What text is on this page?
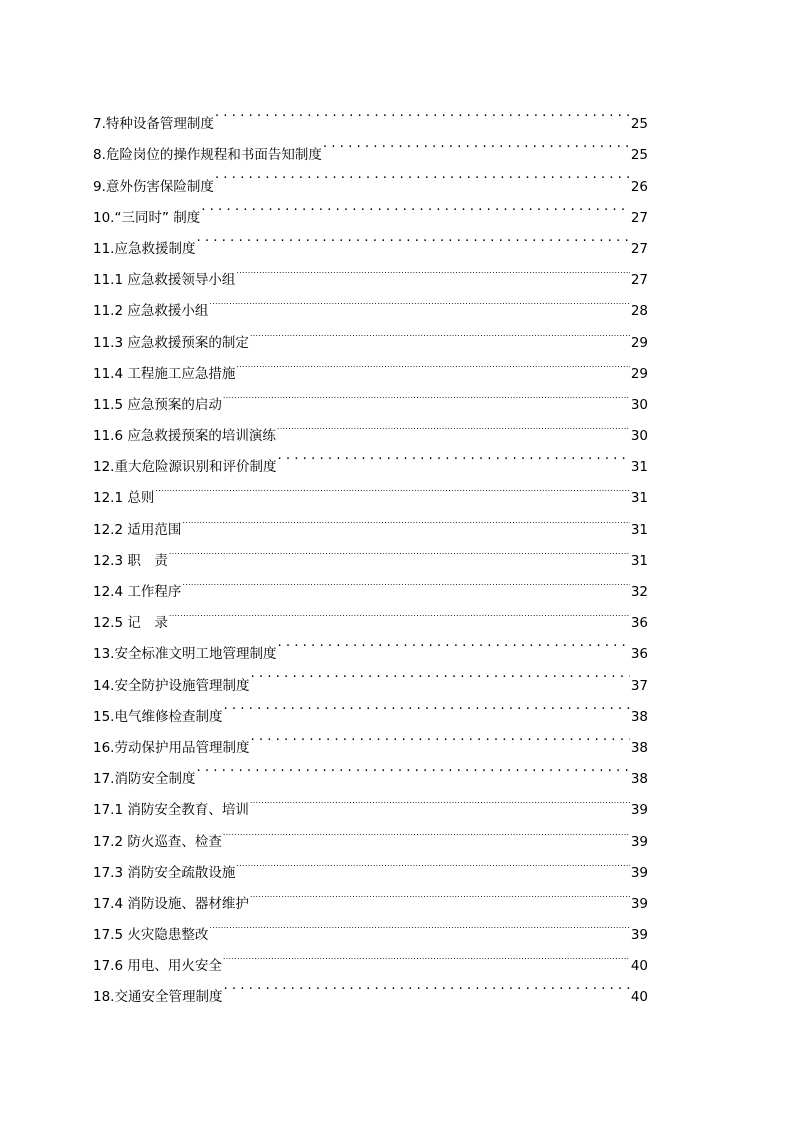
7.特种设备管理制度 .....	25
8.危险岗位的操作规程和书面告知制度 .....	25
9.意外伤害保险制度 .....	26
10.“三同时” 制度 .....	27
11.应急救援制度 .....	27
11.1 应急救援领导小组 .....	27
11.2 应急救援小组 .....	28
11.3 应急救援预案的制定 .....	29
11.4 工程施工应急措施 .....	29
11.5 应急预案的启动 .....	30
11.6 应急救援预案的培训演练 .....	30
12.重大危险源识别和评价制度 .....	31
12.1 总则 .....	31
12.2 适用范围 .....	31
12.3 职　责 .....	31
12.4 工作程序 .....	32
12.5 记　录 .....	36
13.安全标准文明工地管理制度 .....	36
14.安全防护设施管理制度 .....	37
15.电气维修检查制度 .....	38
16.劳动保护用品管理制度 .....	38
17.消防安全制度 .....	38
17.1 消防安全教育、培训 .....	39
17.2 防火巡查、检查 .....	39
17.3 消防安全疏散设施 .....	39
17.4 消防设施、器材维护 .....	39
17.5 火灾隐患整改 .....	39
17.6 用电、用火安全 .....	40
18.交通安全管理制度 .....	40
